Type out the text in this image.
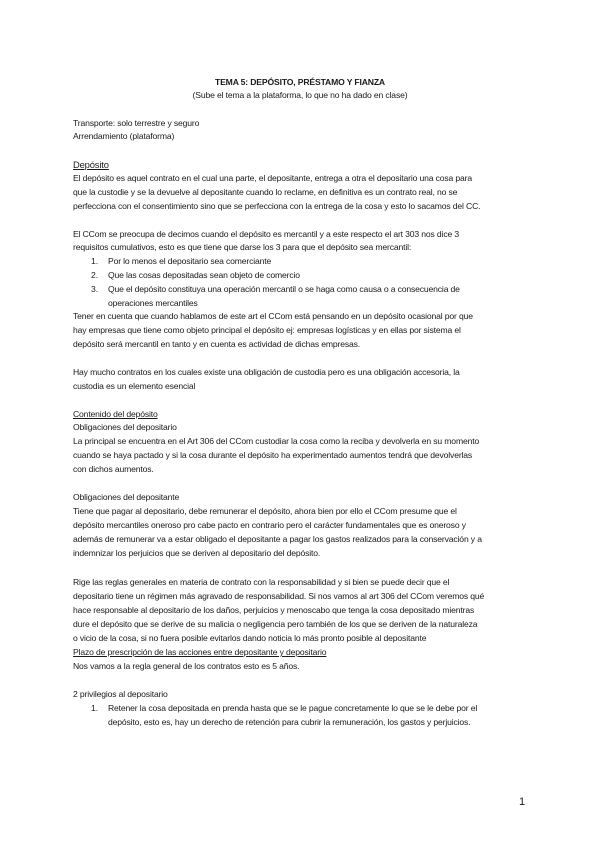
TEMA 5: DEPÓSITO, PRÉSTAMO Y FIANZA
(Sube el tema a la plataforma, lo que no ha dado en clase)
Transporte: solo terrestre y seguro
Arrendamiento (plataforma)
Depósito
El depósito es aquel contrato en el cual una parte, el depositante, entrega a otra el depositario una cosa para
que la custodie y se la devuelve al depositante cuando lo reclame, en definitiva es un contrato real, no se
perfecciona con el consentimiento sino que se perfecciona con la entrega de la cosa y esto lo sacamos del CC.
El CCom se preocupa de decimos cuando el depósito es mercantil y a este respecto el art 303 nos dice 3
requisitos cumulativos, esto es que tiene que darse los 3 para que el depósito sea mercantil:
1. Por lo menos el depositario sea comerciante
2. Que las cosas depositadas sean objeto de comercio
3. Que el depósito constituya una operación mercantil o se haga como causa o a consecuencia de
operaciones mercantiles
Tener en cuenta que cuando hablamos de este art el CCom está pensando en un depósito ocasional por que
hay empresas que tiene como objeto principal el depósito ej: empresas logísticas y en ellas por sistema el
depósito será mercantil en tanto y en cuenta es actividad de dichas empresas.
Hay mucho contratos en los cuales existe una obligación de custodia pero es una obligación accesoria, la
custodia es un elemento esencial
Contenido del depósito
Obligaciones del depositario
La principal se encuentra en el Art 306 del CCom custodiar la cosa como la reciba y devolverla en su momento
cuando se haya pactado y si la cosa durante el depósito ha experimentado aumentos tendrá que devolverlas
con dichos aumentos.
Obligaciones del depositante
Tiene que pagar al depositario, debe remunerar el depósito, ahora bien por ello el CCom presume que el
depósito mercantiles oneroso pro cabe pacto en contrario pero el carácter fundamentales que es oneroso y
además de remunerar va a estar obligado el depositante a pagar los gastos realizados para la conservación y a
indemnizar los perjuicios que se deriven al depositario del depósito.
Rige las reglas generales en materia de contrato con la responsabilidad y si bien se puede decir que el
depositario tiene un régimen más agravado de responsabilidad. Si nos vamos al art 306 del CCom veremos qué
hace responsable al depositario de los daños, perjuicios y menoscabo que tenga la cosa depositado mientras
dure el depósito que se derive de su malicia o negligencia pero también de los que se deriven de la naturaleza
o vicio de la cosa, si no fuera posible evitarlos dando noticia lo más pronto posible al depositante
Plazo de prescripción de las acciones entre depositante y depositario
Nos vamos a la regla general de los contratos esto es 5 años.
2 privilegios al depositario
1. Retener la cosa depositada en prenda hasta que se le pague concretamente lo que se le debe por el
depósito, esto es, hay un derecho de retención para cubrir la remuneración, los gastos y perjuicios.
1
